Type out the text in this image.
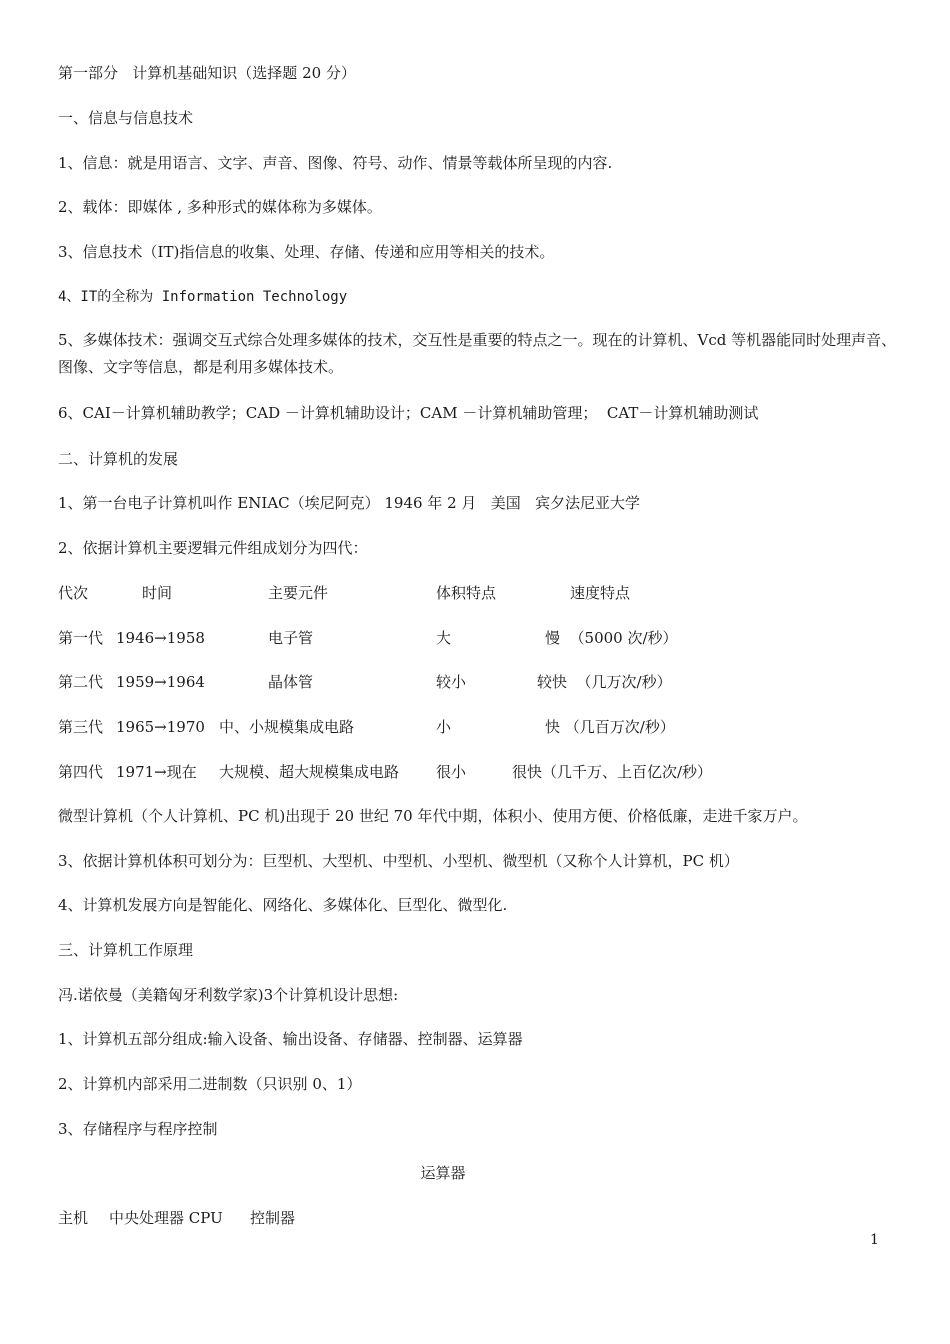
第一部分   计算机基础知识（选择题 20 分）
一、信息与信息技术
1、信息：就是用语言、文字、声音、图像、符号、动作、情景等载体所呈现的内容.
2、载体：即媒体 , 多种形式的媒体称为多媒体。
3、信息技术（IT)指信息的收集、处理、存储、传递和应用等相关的技术。
4、IT的全称为 Information Technology
5、多媒体技术：强调交互式综合处理多媒体的技术，交互性是重要的特点之一。现在的计算机、Vcd 等机器能同时处理声音、图像、文字等信息，都是利用多媒体技术。
6、CAI－计算机辅助教学；CAD －计算机辅助设计；CAM －计算机辅助管理；  CAT－计算机辅助测试
二、计算机的发展
1、第一台电子计算机叫作 ENIAC（埃尼阿克） 1946 年 2 月   美国   宾夕法尼亚大学
2、依据计算机主要逻辑元件组成划分为四代：
代次	时间	主要元件	体积特点	速度特点
第一代 1946→1958	电子管	大	慢  （5000 次/秒）
第二代 1959→1964	晶体管	较小	较快  （几万次/秒）
第三代 1965→1970 中、小规模集成电路	小	快 （几百万次/秒）
第四代 1971→现在 大规模、超大规模集成电路 很小	很快（几千万、上百亿次/秒）
微型计算机（个人计算机、PC 机)出现于 20 世纪 70 年代中期，体积小、使用方便、价格低廉，走进千家万户。
3、依据计算机体积可划分为：巨型机、大型机、中型机、小型机、微型机（又称个人计算机，PC 机）
4、计算机发展方向是智能化、网络化、多媒体化、巨型化、微型化.
三、计算机工作原理
冯.诺依曼（美籍匈牙利数学家)3个计算机设计思想:
1、计算机五部分组成:输入设备、输出设备、存储器、控制器、运算器
2、计算机内部采用二进制数（只识别 0、1）
3、存储程序与程序控制
运算器
主机 中央处理器 CPU 控制器
1
